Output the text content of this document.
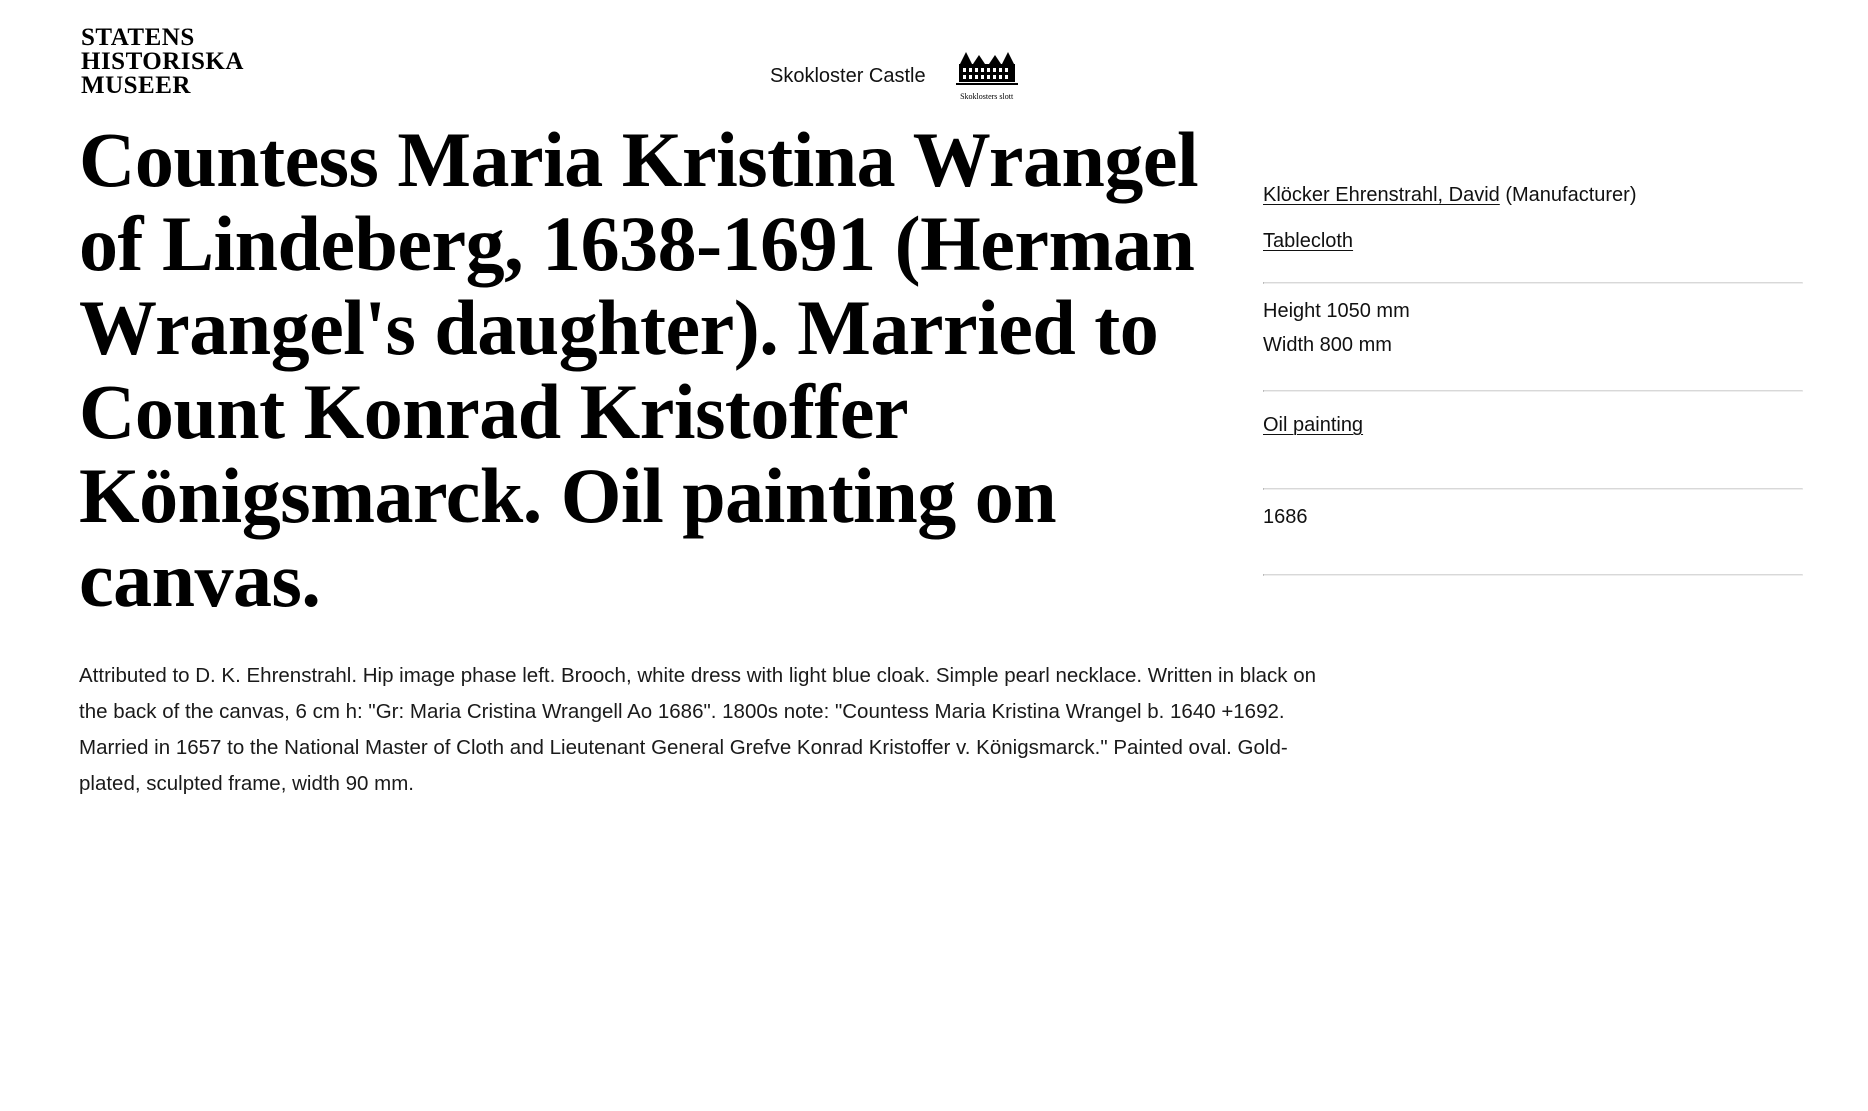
STATENS
HISTORISKA
MUSEER	Skokloster Castle
Skoklosters slott
Countess Maria Kristina Wrangel of Lindeberg, 1638-1691 (Herman Wrangel's daughter). Married to Count Konrad Kristoffer Königsmarck. Oil painting on canvas.

Attributed to D. K. Ehrenstrahl. Hip image phase left. Brooch, white dress with light blue cloak. Simple pearl necklace. Written in black on the back of the canvas, 6 cm h: "Gr: Maria Cristina Wrangell Ao 1686". 1800s note: "Countess Maria Kristina Wrangel b. 1640 +1692. Married in 1657 to the National Master of Cloth and Lieutenant General Grefve Konrad Kristoffer v. Königsmarck." Painted oval. Gold-plated, sculpted frame, width 90 mm.

Klöcker Ehrenstrahl, David (Manufacturer)
Tablecloth
Height 1050 mm
Width 800 mm
Oil painting
1686
